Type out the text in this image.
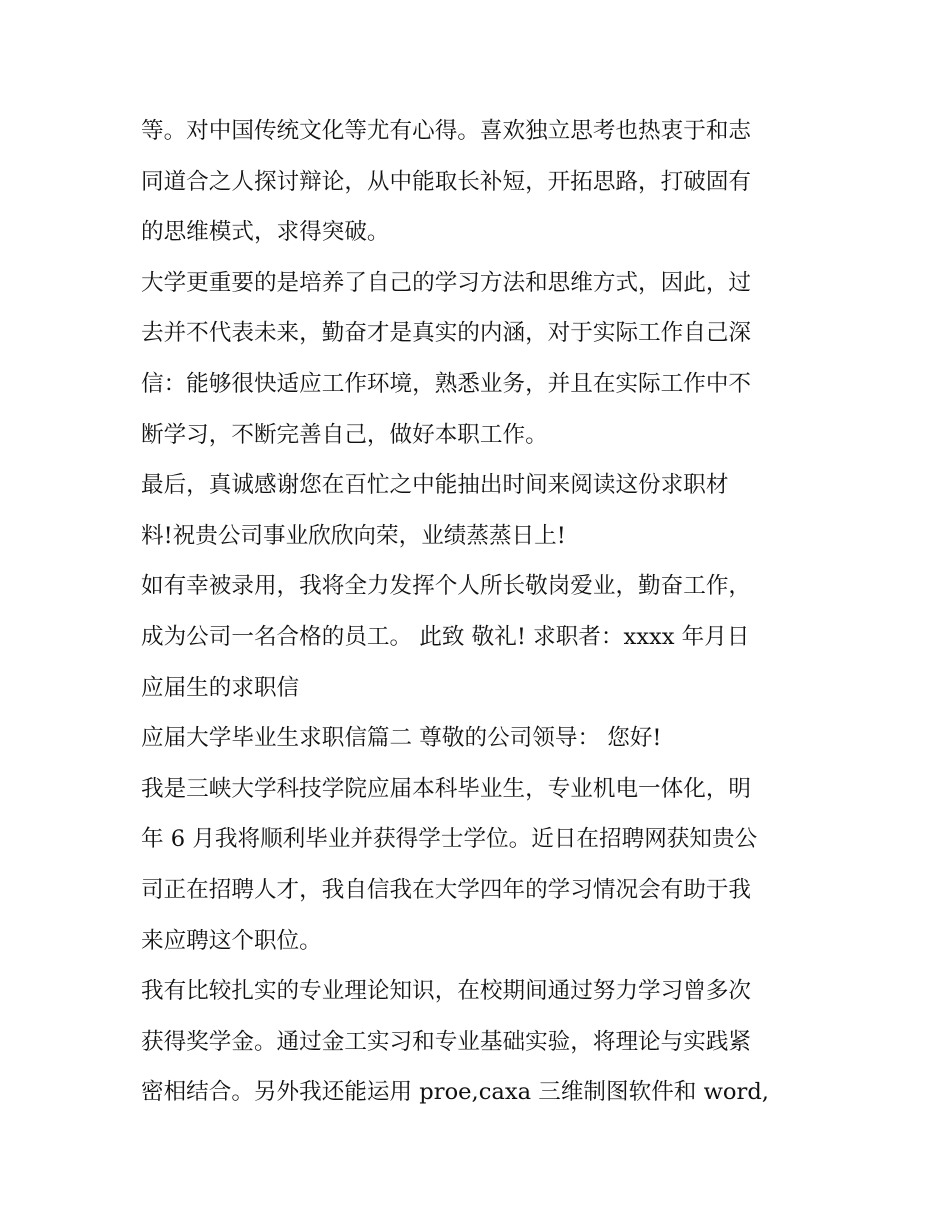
等。对中国传统文化等尤有心得。喜欢独立思考也热衷于和志
同道合之人探讨辩论，从中能取长补短，开拓思路，打破固有
的思维模式，求得突破。
大学更重要的是培养了自己的学习方法和思维方式，因此，过
去并不代表未来，勤奋才是真实的内涵，对于实际工作自己深
信：能够很快适应工作环境，熟悉业务，并且在实际工作中不
断学习，不断完善自己，做好本职工作。
最后，真诚感谢您在百忙之中能抽出时间来阅读这份求职材
料!祝贵公司事业欣欣向荣，业绩蒸蒸日上!
如有幸被录用，我将全力发挥个人所长敬岗爱业，勤奋工作，
成为公司一名合格的员工。 此致 敬礼! 求职者：xxxx 年月日
应届生的求职信
应届大学毕业生求职信篇二 尊敬的公司领导： 您好!
我是三峡大学科技学院应届本科毕业生，专业机电一体化，明
年 6 月我将顺利毕业并获得学士学位。近日在招聘网获知贵公
司正在招聘人才，我自信我在大学四年的学习情况会有助于我
来应聘这个职位。
我有比较扎实的专业理论知识，在校期间通过努力学习曾多次
获得奖学金。通过金工实习和专业基础实验，将理论与实践紧
密相结合。另外我还能运用 proe,caxa 三维制图软件和 word,
